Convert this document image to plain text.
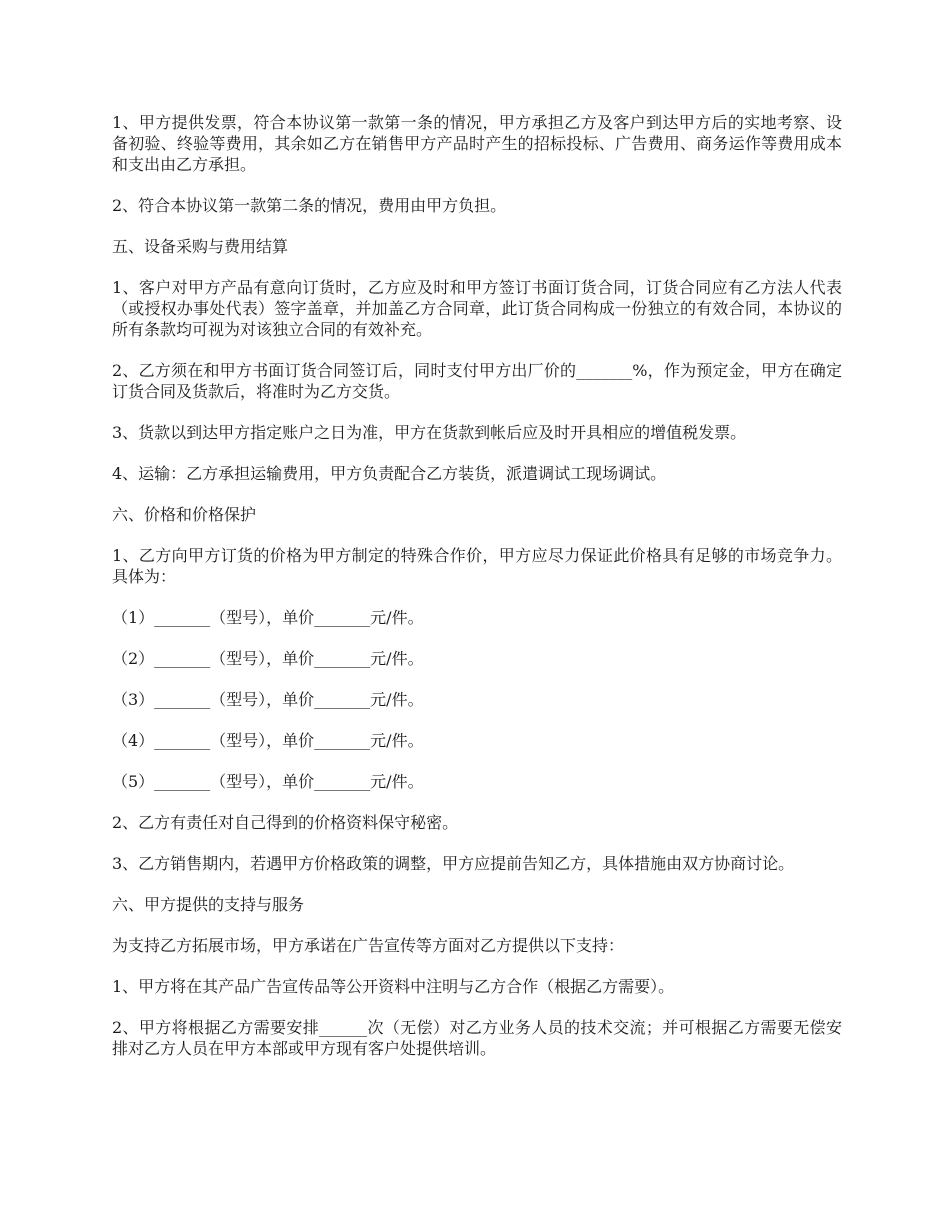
1、甲方提供发票，符合本协议第一款第一条的情况，甲方承担乙方及客户到达甲方后的实地考察、设备初验、终验等费用，其余如乙方在销售甲方产品时产生的招标投标、广告费用、商务运作等费用成本和支出由乙方承担。

2、符合本协议第一款第二条的情况，费用由甲方负担。

五、设备采购与费用结算

1、客户对甲方产品有意向订货时，乙方应及时和甲方签订书面订货合同，订货合同应有乙方法人代表（或授权办事处代表）签字盖章，并加盖乙方合同章，此订货合同构成一份独立的有效合同，本协议的所有条款均可视为对该独立合同的有效补充。

2、乙方须在和甲方书面订货合同签订后，同时支付甲方出厂价的_______%，作为预定金，甲方在确定订货合同及货款后，将准时为乙方交货。

3、货款以到达甲方指定账户之日为准，甲方在货款到帐后应及时开具相应的增值税发票。

4、运输：乙方承担运输费用，甲方负责配合乙方装货，派遣调试工现场调试。

六、价格和价格保护

1、乙方向甲方订货的价格为甲方制定的特殊合作价，甲方应尽力保证此价格具有足够的市场竞争力。具体为：

（1）_______（型号），单价_______元/件。

（2）_______（型号），单价_______元/件。

（3）_______（型号），单价_______元/件。

（4）_______（型号），单价_______元/件。

（5）_______（型号），单价_______元/件。

2、乙方有责任对自己得到的价格资料保守秘密。

3、乙方销售期内，若遇甲方价格政策的调整，甲方应提前告知乙方，具体措施由双方协商讨论。

六、甲方提供的支持与服务

为支持乙方拓展市场，甲方承诺在广告宣传等方面对乙方提供以下支持：

1、甲方将在其产品广告宣传品等公开资料中注明与乙方合作（根据乙方需要）。

2、甲方将根据乙方需要安排______次（无偿）对乙方业务人员的技术交流；并可根据乙方需要无偿安排对乙方人员在甲方本部或甲方现有客户处提供培训。
